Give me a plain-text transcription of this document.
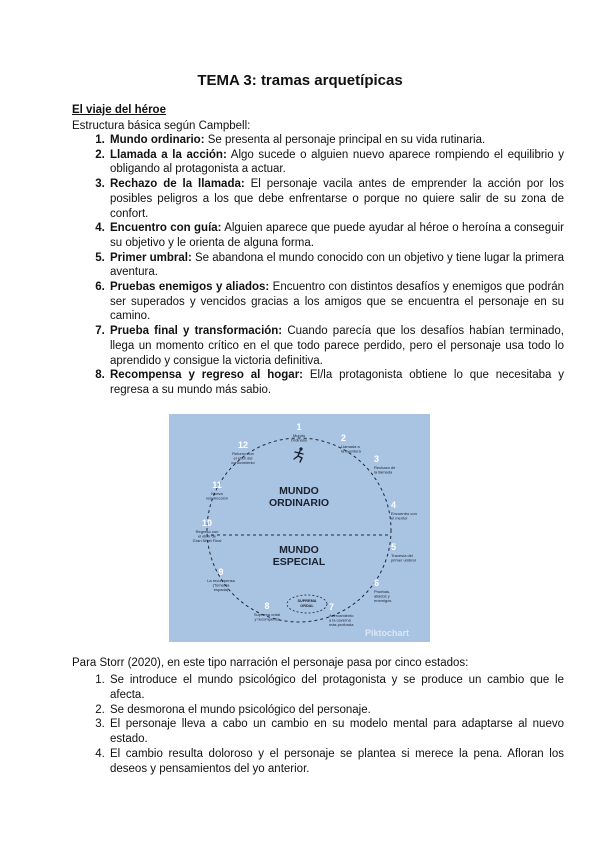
TEMA 3: tramas arquetípicas
El viaje del héroe
Estructura básica según Campbell:
1. Mundo ordinario: Se presenta al personaje principal en su vida rutinaria.
2. Llamada a la acción: Algo sucede o alguien nuevo aparece rompiendo el equilibrio y obligando al protagonista a actuar.
3. Rechazo de la llamada: El personaje vacila antes de emprender la acción por los posibles peligros a los que debe enfrentarse o porque no quiere salir de su zona de confort.
4. Encuentro con guía: Alguien aparece que puede ayudar al héroe o heroína a conseguir su objetivo y le orienta de alguna forma.
5. Primer umbral: Se abandona el mundo conocido con un objetivo y tiene lugar la primera aventura.
6. Pruebas enemigos y aliados: Encuentro con distintos desafíos y enemigos que podrán ser superados y vencidos gracias a los amigos que se encuentra el personaje en su camino.
7. Prueba final y transformación: Cuando parecía que los desafíos habían terminado, llega un momento crítico en el que todo parece perdido, pero el personaje usa todo lo aprendido y consigue la victoria definitiva.
8. Recompensa y regreso al hogar: El/la protagonista obtiene lo que necesitaba y regresa a su mundo más sabio.
MUNDO
ORDINARIO
MUNDO
ESPECIAL
SUPREMA
ORDAL
Piktochart
1
Mundo
Ordinario	2
Llamada a
la aventura
3
Rechazo de
la llamada
4
Encuentro con
el mentor
5
Travesía del
primer umbral
6
Pruebas,
aliados y
enemigos
7
Acercamiento
a la caverna
más profunda
8
Suprema ordal
y recompensa
9
La recompensa
(Tomar la
espada)
10
Regreso con
el elixir de
Gran Nivel Final
11
Nueva
resurrección
12
Retorno con
el elixir del
conocimiento
Para Storr (2020), en este tipo narración el personaje pasa por cinco estados:
1. Se introduce el mundo psicológico del protagonista y se produce un cambio que le afecta.
2. Se desmorona el mundo psicológico del personaje.
3. El personaje lleva a cabo un cambio en su modelo mental para adaptarse al nuevo estado.
4. El cambio resulta doloroso y el personaje se plantea si merece la pena. Afloran los deseos y pensamientos del yo anterior.
